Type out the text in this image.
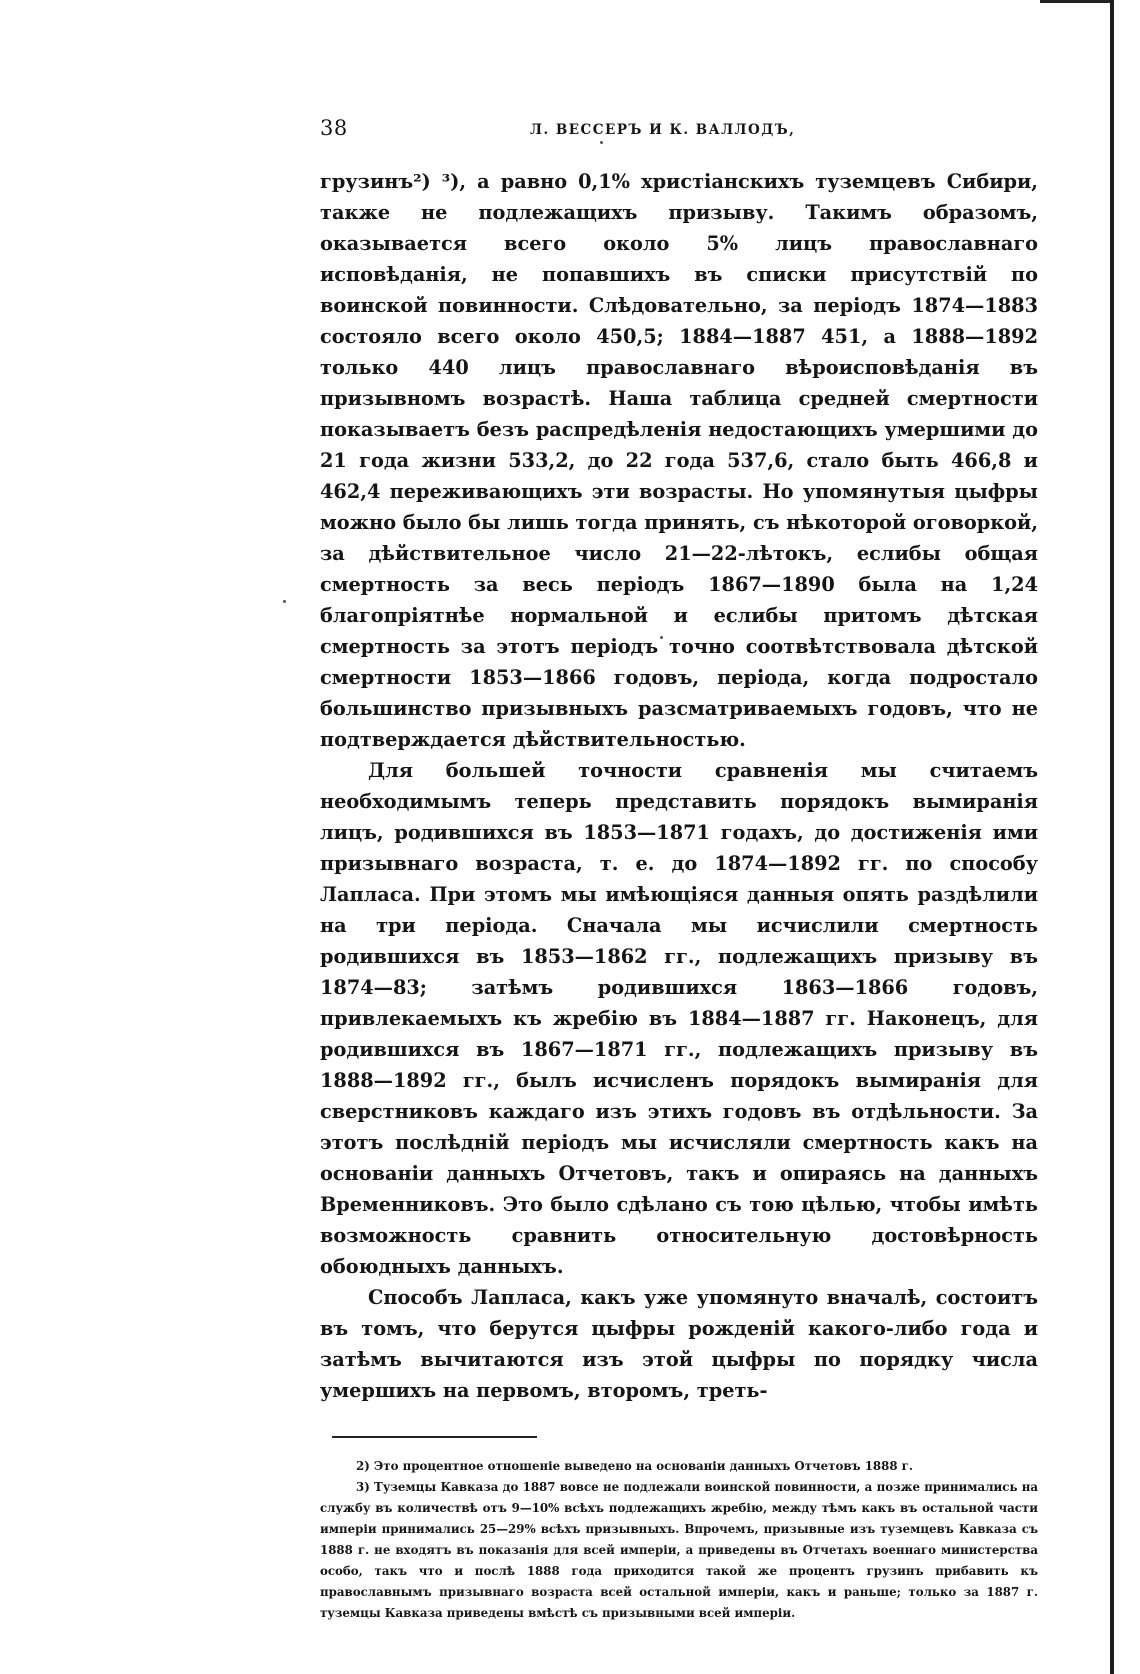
38	Л. ВЕССЕРЪ И К. ВАЛЛОДЪ,

грузинъ²) ³), а равно 0,1% христіанскихъ туземцевъ Сибири, также не подлежащихъ призыву. Такимъ образомъ, оказывается всего около 5% лицъ православнаго исповѣданія, не попавшихъ въ списки присутствій по воинской повинности. Слѣдовательно, за періодъ 1874—1883 состояло всего около 450,5; 1884—1887 451, а 1888—1892 только 440 лицъ православнаго вѣроисповѣданія въ призывномъ возрастѣ. Наша таблица средней смертности показываетъ безъ распредѣленія недостающихъ умершими до 21 года жизни 533,2, до 22 года 537,6, стало быть 466,8 и 462,4 переживающихъ эти возрасты. Но упомянутыя цыфры можно было бы лишь тогда принять, съ нѣкоторой оговоркой, за дѣйствительное число 21—22-лѣтокъ, еслибы общая смертность за весь періодъ 1867—1890 была на 1,24 благопріятнѣе нормальной и еслибы притомъ дѣтская смертность за этотъ періодъ точно соотвѣтствовала дѣтской смертности 1853—1866 годовъ, періода, когда подростало большинство призывныхъ разсматриваемыхъ годовъ, что не подтверждается дѣйствительностью.

Для большей точности сравненія мы считаемъ необходимымъ теперь представить порядокъ вымиранія лицъ, родившихся въ 1853—1871 годахъ, до достиженія ими призывнаго возраста, т. е. до 1874—1892 гг. по способу Лапласа. При этомъ мы имѣющіяся данныя опять раздѣлили на три періода. Сначала мы исчислили смертность родившихся въ 1853—1862 гг., подлежащихъ призыву въ 1874—83; затѣмъ родившихся 1863—1866 годовъ, привлекаемыхъ къ жребію въ 1884—1887 гг. Наконецъ, для родившихся въ 1867—1871 гг., подлежащихъ призыву въ 1888—1892 гг., былъ исчисленъ порядокъ вымиранія для сверстниковъ каждаго изъ этихъ годовъ въ отдѣльности. За этотъ послѣдній періодъ мы исчисляли смертность какъ на основаніи данныхъ Отчетовъ, такъ и опираясь на данныхъ Временниковъ. Это было сдѣлано съ тою цѣлью, чтобы имѣть возможность сравнить относительную достовѣрность обоюдныхъ данныхъ.

Способъ Лапласа, какъ уже упомянуто вначалѣ, состоитъ въ томъ, что берутся цыфры рожденій какого-либо года и затѣмъ вычитаются изъ этой цыфры по порядку числа умершихъ на первомъ, второмъ, треть-

2) Это процентное отношеніе выведено на основаніи данныхъ Отчетовъ 1888 г.

3) Туземцы Кавказа до 1887 вовсе не подлежали воинской повинности, а позже принимались на службу въ количествѣ отъ 9—10% всѣхъ подлежащихъ жребію, между тѣмъ какъ въ остальной части имперіи принимались 25—29% всѣхъ призывныхъ. Впрочемъ, призывные изъ туземцевъ Кавказа съ 1888 г. не входятъ въ показанія для всей имперіи, а приведены въ Отчетахъ военнаго министерства особо, такъ что и послѣ 1888 года приходится такой же процентъ грузинъ прибавить къ православнымъ призывнаго возраста всей остальной имперіи, какъ и раньше; только за 1887 г. туземцы Кавказа приведены вмѣстѣ съ призывными всей имперіи.
